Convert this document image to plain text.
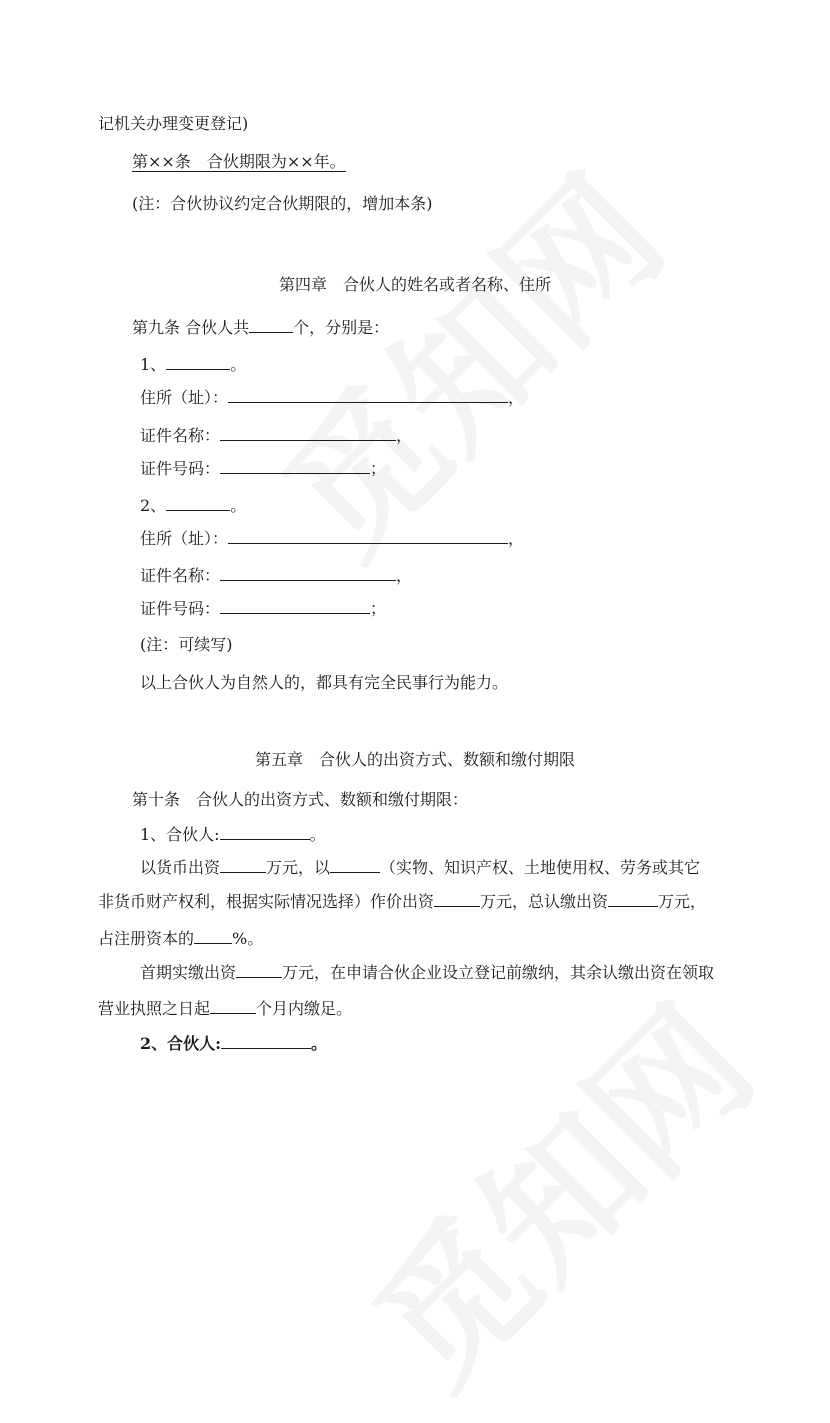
记机关办理变更登记)
第××条　合伙期限为××年。
(注：合伙协议约定合伙期限的，增加本条)
第四章　合伙人的姓名或者名称、住所
第九条 合伙人共	个，分别是：
1、	。
住所（址）：	，
证件名称：	，
证件号码：	；
2、	。
住所（址）：	，
证件名称：	，
证件号码：	；
(注：可续写)
以上合伙人为自然人的，都具有完全民事行为能力。
第五章　合伙人的出资方式、数额和缴付期限
第十条　合伙人的出资方式、数额和缴付期限：
1、合伙人:	。
以货币出资	万元，以	（实物、知识产权、土地使用权、劳务或其它
非货币财产权利，根据实际情况选择）作价出资	万元，总认缴出资	万元，
占注册资本的 %。
首期实缴出资	万元，在申请合伙企业设立登记前缴纳，其余认缴出资在领取
营业执照之日起	个月内缴足。
2、合伙人:	。
